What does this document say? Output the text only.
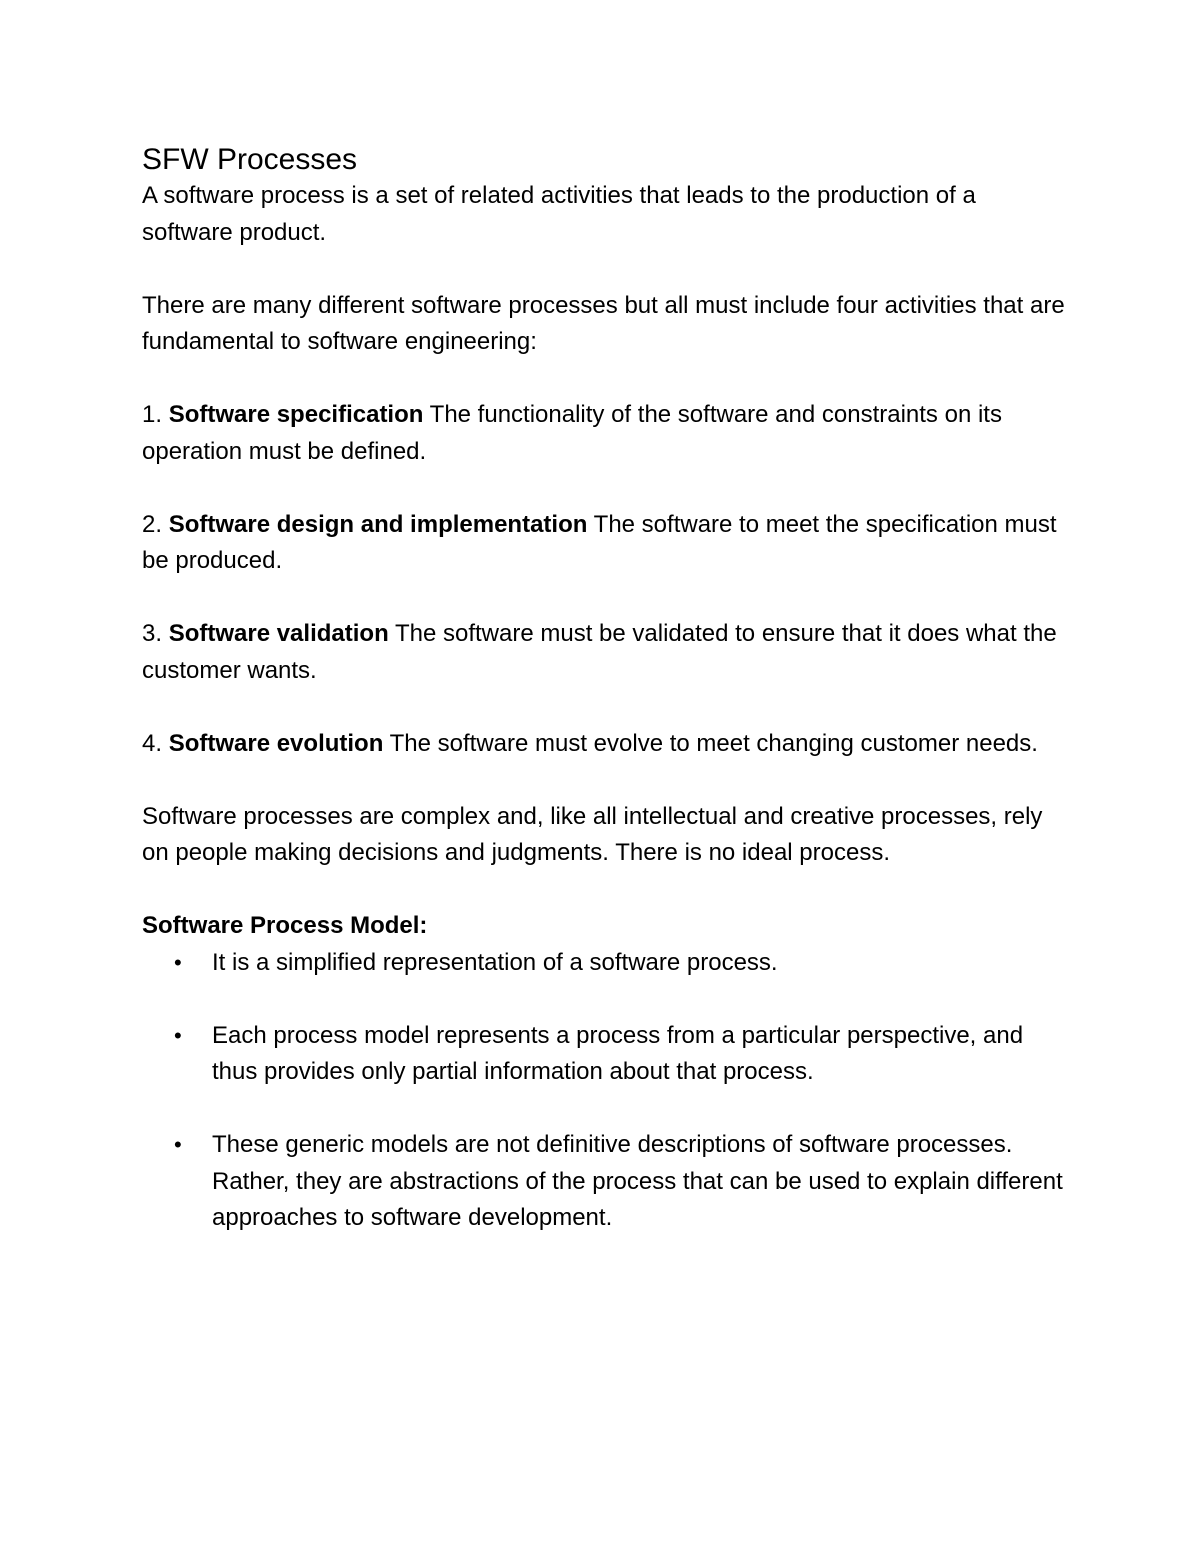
SFW Processes

A software process is a set of related activities that leads to the production of a software product.

There are many different software processes but all must include four activities that are fundamental to software engineering:

1. Software specification The functionality of the software and constraints on its operation must be defined.

2. Software design and implementation The software to meet the specification must be produced.

3. Software validation The software must be validated to ensure that it does what the customer wants.

4. Software evolution The software must evolve to meet changing customer needs.

Software processes are complex and, like all intellectual and creative processes, rely on people making decisions and judgments. There is no ideal process.

Software Process Model:

• It is a simplified representation of a software process.
• Each process model represents a process from a particular perspective, and thus provides only partial information about that process.
• These generic models are not definitive descriptions of software processes. Rather, they are abstractions of the process that can be used to explain different approaches to software development.
